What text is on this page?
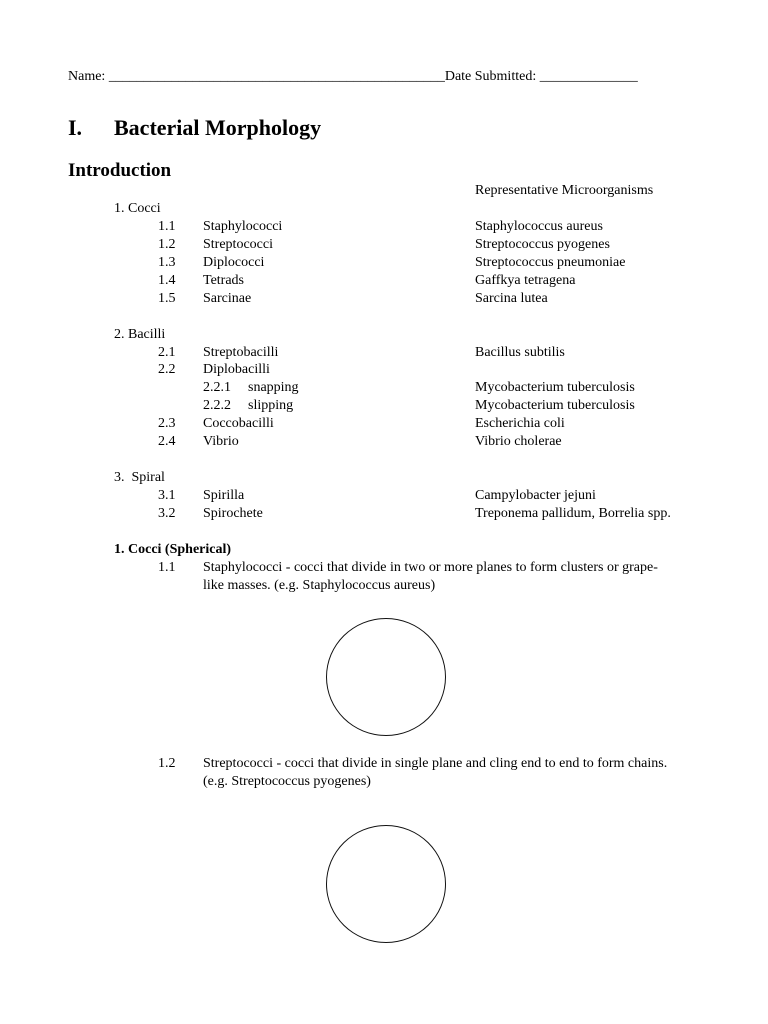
Name: ________________________________________________Date Submitted: ______________
I. Bacterial Morphology
Introduction
Representative Microorganisms
1. Cocci
1.1 Staphylococci	Staphylococcus aureus
1.2 Streptococci	Streptococcus pyogenes
1.3 Diplococci	Streptococcus pneumoniae
1.4 Tetrads	Gaffkya tetragena
1.5 Sarcinae	Sarcina lutea
2. Bacilli
2.1 Streptobacilli	Bacillus subtilis
2.2 Diplobacilli
2.2.1 snapping	Mycobacterium tuberculosis
2.2.2 slipping	Mycobacterium tuberculosis
2.3 Coccobacilli	Escherichia coli
2.4 Vibrio	Vibrio cholerae
3.  Spiral
3.1 Spirilla	Campylobacter jejuni
3.2 Spirochete	Treponema pallidum, Borrelia spp.
1. Cocci (Spherical)
1.1 Staphylococci - cocci that divide in two or more planes to form clusters or grape-
like masses. (e.g. Staphylococcus aureus)
1.2 Streptococci - cocci that divide in single plane and cling end to end to form chains.
(e.g. Streptococcus pyogenes)
